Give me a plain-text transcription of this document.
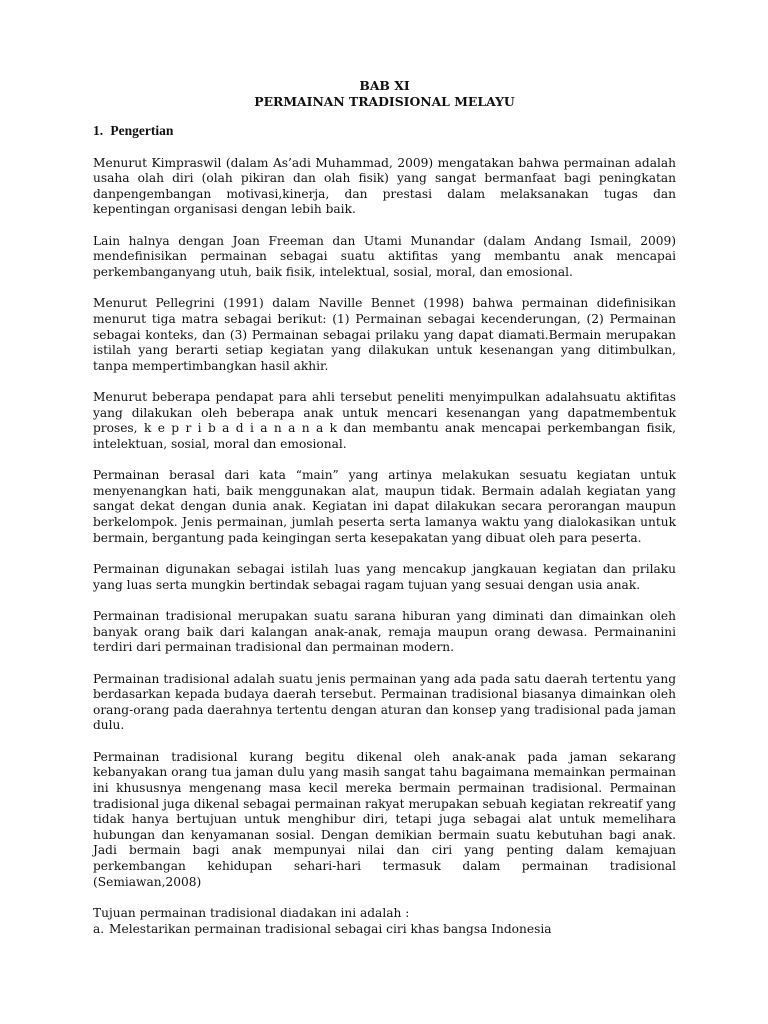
BAB XI
PERMAINAN TRADISIONAL MELAYU
1. Pengertian

Menurut Kimpraswil (dalam As’adi Muhammad, 2009) mengatakan bahwa permainan adalah usaha olah diri (olah pikiran dan olah fisik) yang sangat bermanfaat bagi peningkatan danpengembangan motivasi,kinerja, dan prestasi dalam melaksanakan tugas dan kepentingan organisasi dengan lebih baik.

Lain halnya dengan Joan Freeman dan Utami Munandar (dalam Andang Ismail, 2009) mendefinisikan permainan sebagai suatu aktifitas yang membantu anak mencapai perkembanganyang utuh, baik fisik, intelektual, sosial, moral, dan emosional.

Menurut Pellegrini (1991) dalam Naville Bennet (1998) bahwa permainan didefinisikan menurut tiga matra sebagai berikut: (1) Permainan sebagai kecenderungan, (2) Permainan sebagai konteks, dan (3) Permainan sebagai prilaku yang dapat diamati.Bermain merupakan istilah yang berarti setiap kegiatan yang dilakukan untuk kesenangan yang ditimbulkan, tanpa mempertimbangkan hasil akhir.

Menurut beberapa pendapat para ahli tersebut peneliti menyimpulkan adalahsuatu aktifitas yang dilakukan oleh beberapa anak untuk mencari kesenangan yang dapatmembentuk proses, k e p r i b a d i a n a n a k dan membantu anak mencapai perkembangan fisik, intelektuan, sosial, moral dan emosional.

Permainan berasal dari kata “main” yang artinya melakukan sesuatu kegiatan untuk menyenangkan hati, baik menggunakan alat, maupun tidak. Bermain adalah kegiatan yang sangat dekat dengan dunia anak. Kegiatan ini dapat dilakukan secara perorangan maupun berkelompok. Jenis permainan, jumlah peserta serta lamanya waktu yang dialokasikan untuk bermain, bergantung pada keingingan serta kesepakatan yang dibuat oleh para peserta.

Permainan digunakan sebagai istilah luas yang mencakup jangkauan kegiatan dan prilaku yang luas serta mungkin bertindak sebagai ragam tujuan yang sesuai dengan usia anak.

Permainan tradisional merupakan suatu sarana hiburan yang diminati dan dimainkan oleh banyak orang baik dari kalangan anak-anak, remaja maupun orang dewasa. Permainanini terdiri dari permainan tradisional dan permainan modern.

Permainan tradisional adalah suatu jenis permainan yang ada pada satu daerah tertentu yang berdasarkan kepada budaya daerah tersebut. Permainan tradisional biasanya dimainkan oleh orang-orang pada daerahnya tertentu dengan aturan dan konsep yang tradisional pada jaman dulu.

Permainan tradisional kurang begitu dikenal oleh anak-anak pada jaman sekarang kebanyakan orang tua jaman dulu yang masih sangat tahu bagaimana memainkan permainan ini khususnya mengenang masa kecil mereka bermain permainan tradisional. Permainan tradisional juga dikenal sebagai permainan rakyat merupakan sebuah kegiatan rekreatif yang tidak hanya bertujuan untuk menghibur diri, tetapi juga sebagai alat untuk memelihara hubungan dan kenyamanan sosial. Dengan demikian bermain suatu kebutuhan bagi anak. Jadi bermain bagi anak mempunyai nilai dan ciri yang penting dalam kemajuan perkembangan kehidupan sehari-hari termasuk dalam permainan tradisional (Semiawan,2008)

Tujuan permainan tradisional diadakan ini adalah :

a. Melestarikan permainan tradisional sebagai ciri khas bangsa Indonesia
